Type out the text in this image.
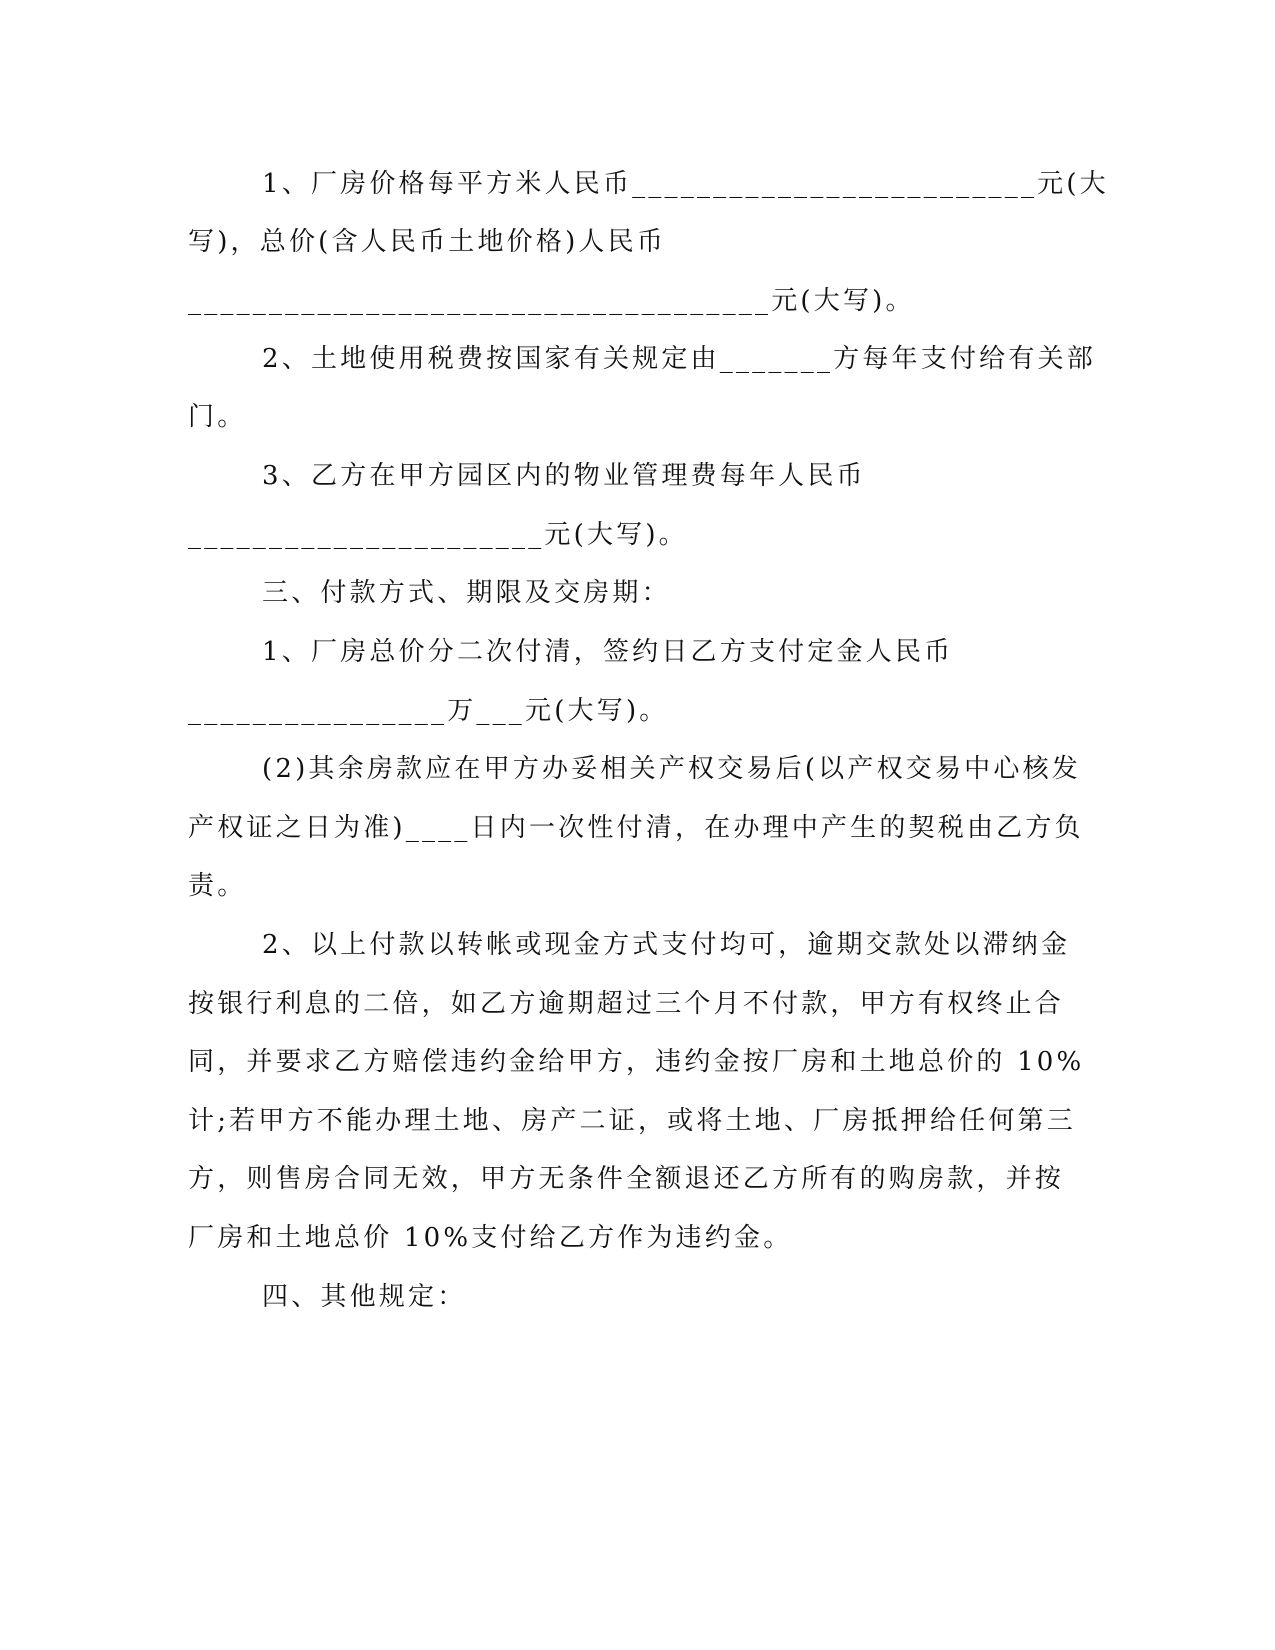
1、厂房价格每平方米人民币_________________________元(大
写)，总价(含人民币土地价格)人民币
____________________________________元(大写)。
2、土地使用税费按国家有关规定由_______方每年支付给有关部
门。
3、乙方在甲方园区内的物业管理费每年人民币
______________________元(大写)。
三、付款方式、期限及交房期：
1、厂房总价分二次付清，签约日乙方支付定金人民币
________________万___元(大写)。
(2)其余房款应在甲方办妥相关产权交易后(以产权交易中心核发
产权证之日为准)____日内一次性付清，在办理中产生的契税由乙方负
责。
2、以上付款以转帐或现金方式支付均可，逾期交款处以滞纳金
按银行利息的二倍，如乙方逾期超过三个月不付款，甲方有权终止合
同，并要求乙方赔偿违约金给甲方，违约金按厂房和土地总价的 10%
计;若甲方不能办理土地、房产二证，或将土地、厂房抵押给任何第三
方，则售房合同无效，甲方无条件全额退还乙方所有的购房款，并按
厂房和土地总价 10%支付给乙方作为违约金。
四、其他规定：
